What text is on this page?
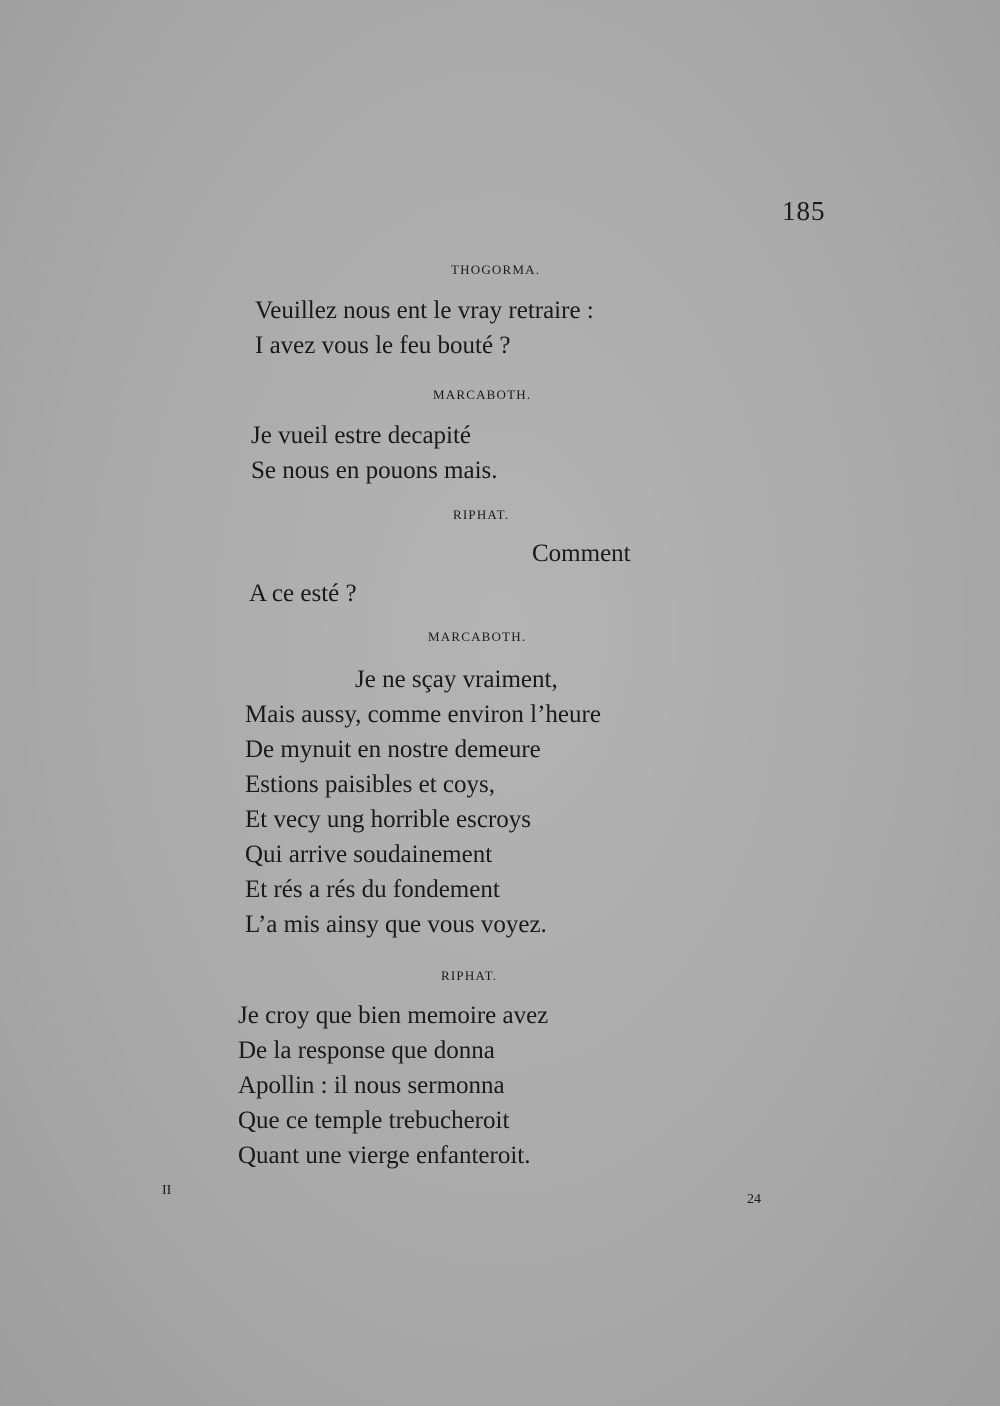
185
THOGORMA.
Veuillez nous ent le vray retraire :
I avez vous le feu bouté ?
MARCABOTH.
Je vueil estre decapité
Se nous en pouons mais.
RIPHAT.
Comment
A ce esté ?
MARCABOTH.
Je ne sçay vraiment,
Mais aussy, comme environ l’heure
De mynuit en nostre demeure
Estions paisibles et coys,
Et vecy ung horrible escroys
Qui arrive soudainement
Et rés a rés du fondement
L’a mis ainsy que vous voyez.
RIPHAT.
Je croy que bien memoire avez
De la response que donna
Apollin : il nous sermonna
Que ce temple trebucheroit
Quant une vierge enfanteroit.
II
24
